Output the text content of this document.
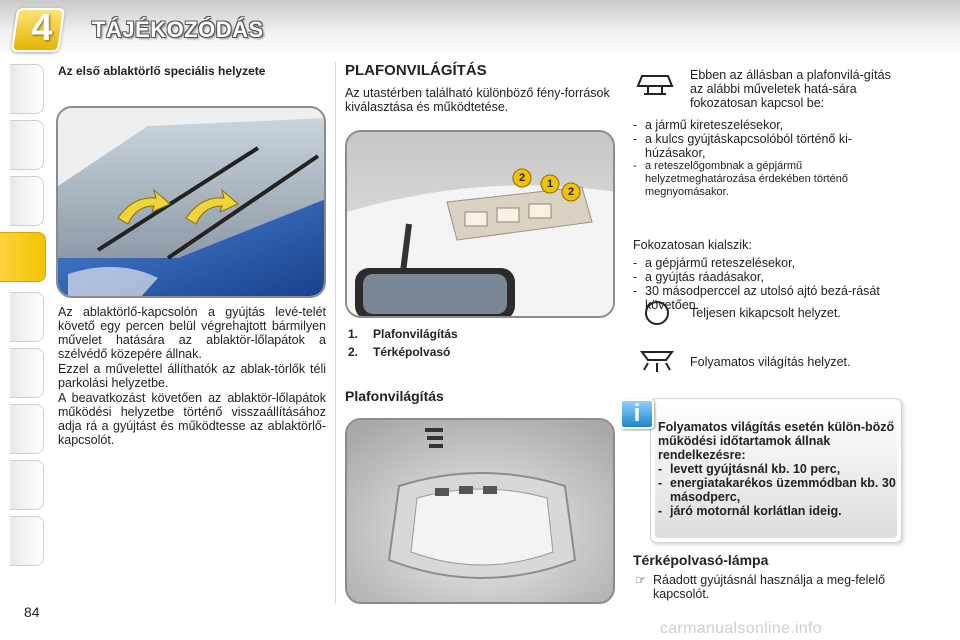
4	TÁJÉKOZÓDÁS
Az első ablaktörlő speciális helyzete
Az ablaktörlő-kapcsolón a gyújtás levé-telét követő egy percen belül végrehajtott bármilyen művelet hatására az ablaktör-lőlapátok a szélvédő közepére állnak.
Ezzel a művelettel állíthatók az ablak-törlők téli parkolási helyzetbe.
A beavatkozást követően az ablaktör-lőlapátok működési helyzetbe történő visszaállításához adja rá a gyújtást és működtesse az ablaktörlő-kapcsolót.
PLAFONVILÁGÍTÁS
Az utastérben található különböző fény-források kiválasztása és működtetése.
2 1
2
1.	Plafonvilágítás
2.	Térképolvasó
Plafonvilágítás
Ebben az állásban a plafonvilá-gítás az alábbi műveletek hatá-sára fokozatosan kapcsol be:
- a jármű kireteszelésekor,
- a kulcs gyújtáskapcsolóból történő ki-húzásakor,
- a reteszelőgombnak a gépjármű helyzetmeghatározása érdekében történő megnyomásakor.
Fokozatosan kialszik:
- a gépjármű reteszelésekor,
- a gyújtás ráadásakor,
- 30 másodperccel az utolsó ajtó bezá-rását követően.
Teljesen kikapcsolt helyzet.
Folyamatos világítás helyzet.
i	Folyamatos világítás esetén külön-böző működési időtartamok állnak rendelkezésre:
- levett gyújtásnál kb. 10 perc,
- energiatakarékos üzemmódban kb. 30 másodperc,
- járó motornál korlátlan ideig.
Térképolvasó-lámpa
☞ Ráadott gyújtásnál használja a meg-felelő kapcsolót.
84
carmanualsonline.info
